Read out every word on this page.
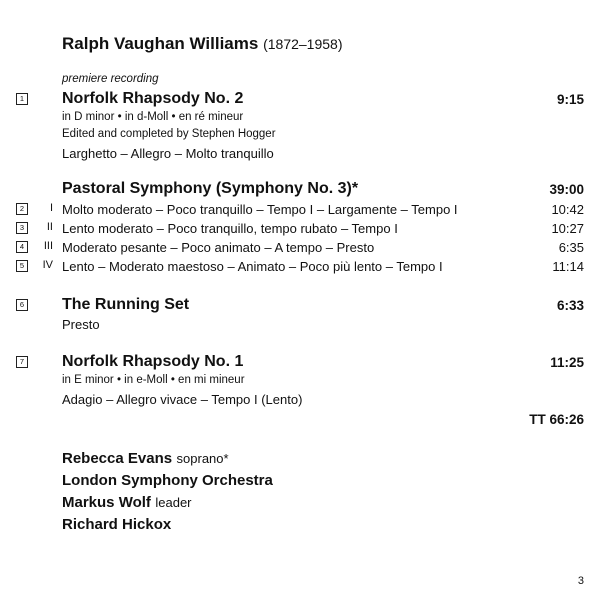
Ralph Vaughan Williams (1872–1958)
premiere recording
1 Norfolk Rhapsody No. 2	9:15
in D minor • in d-Moll • en ré mineur
Edited and completed by Stephen Hogger
Larghetto – Allegro – Molto tranquillo
Pastoral Symphony (Symphony No. 3)*	39:00
2	I Molto moderato – Poco tranquillo – Tempo I – Largamente – Tempo I	10:42
3	II Lento moderato – Poco tranquillo, tempo rubato – Tempo I	10:27
4	III Moderato pesante – Poco animato – A tempo – Presto	6:35
5	IV Lento – Moderato maestoso – Animato – Poco più lento – Tempo I	11:14
6 The Running Set	6:33
Presto
7 Norfolk Rhapsody No. 1	11:25
in E minor • in e-Moll • en mi mineur
Adagio – Allegro vivace – Tempo I (Lento)
TT 66:26
Rebecca Evans soprano*
London Symphony Orchestra
Markus Wolf leader
Richard Hickox
3
